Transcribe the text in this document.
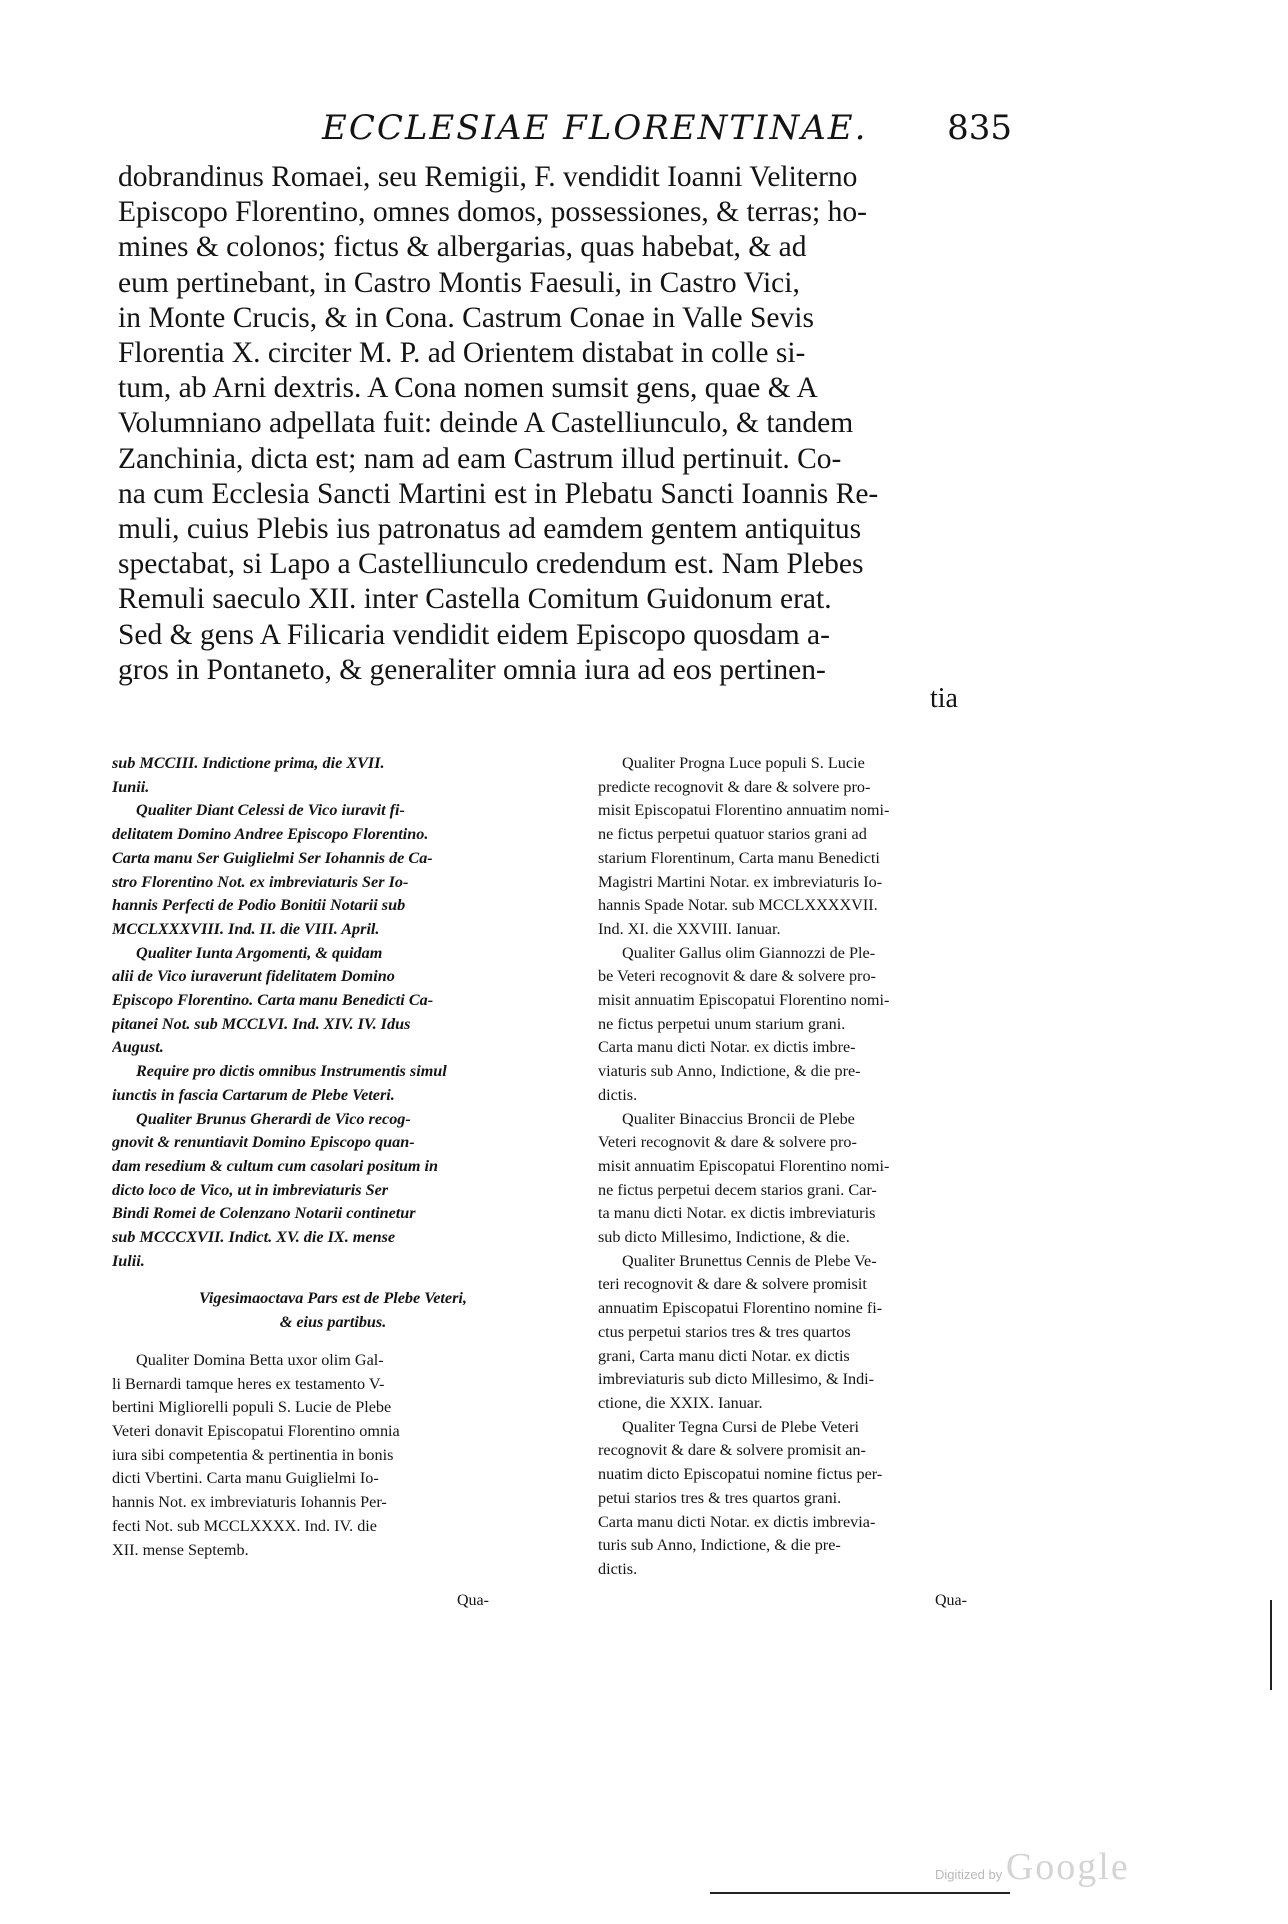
ECCLESIAE FLORENTINAE. 835
dobrandinus Romaei, seu Remigii, F. vendidit Ioanni Veliterno
Episcopo Florentino, omnes domos, possessiones, & terras; ho-
mines & colonos; fictus & albergarias, quas habebat, & ad
eum pertinebant, in Castro Montis Faesuli, in Castro Vici,
in Monte Crucis, & in Cona. Castrum Conae in Valle Sevis
Florentia X. circiter M. P. ad Orientem distabat in colle si-
tum, ab Arni dextris. A Cona nomen sumsit gens, quae & A
Volumniano adpellata fuit: deinde A Castelliunculo, & tandem
Zanchinia, dicta est; nam ad eam Castrum illud pertinuit. Co-
na cum Ecclesia Sancti Martini est in Plebatu Sancti Ioannis Re-
muli, cuius Plebis ius patronatus ad eamdem gentem antiquitus
spectabat, si Lapo a Castelliunculo credendum est. Nam Plebes
Remuli saeculo XII. inter Castella Comitum Guidonum erat.
Sed & gens A Filicaria vendidit eidem Episcopo quosdam a-
gros in Pontaneto, & generaliter omnia iura ad eos pertinen-
tia
sub MCCIII. Indictione prima, die XVII.
Iunii.
Qualiter Diant Celessi de Vico iuravit fi-
delitatem Domino Andree Episcopo Florentino.
Carta manu Ser Guiglielmi Ser Iohannis de Ca-
stro Florentino Not. ex imbreviaturis Ser Io-
hannis Perfecti de Podio Bonitii Notarii sub
MCCLXXXVIII. Ind. II. die VIII. April.
Qualiter Iunta Argomenti, & quidam
alii de Vico iuraverunt fidelitatem Domino
Episcopo Florentino. Carta manu Benedicti Ca-
pitanei Not. sub MCCLVI. Ind. XIV. IV. Idus
August.
Require pro dictis omnibus Instrumentis simul
iunctis in fascia Cartarum de Plebe Veteri.
Qualiter Brunus Gherardi de Vico recog-
gnovit & renuntiavit Domino Episcopo quan-
dam resedium & cultum cum casolari positum in
dicto loco de Vico, ut in imbreviaturis Ser
Bindi Romei de Colenzano Notarii continetur
sub MCCCXVII. Indict. XV. die IX. mense
Iulii.
Vigesimaoctava Pars est de Plebe Veteri,
& eius partibus.
Qualiter Domina Betta uxor olim Gal-
li Bernardi tamque heres ex testamento V-
bertini Migliorelli populi S. Lucie de Plebe
Veteri donavit Episcopatui Florentino omnia
iura sibi competentia & pertinentia in bonis
dicti Vbertini. Carta manu Guiglielmi Io-
hannis Not. ex imbreviaturis Iohannis Per-
fecti Not. sub MCCLXXXX. Ind. IV. die
XII. mense Septemb.
Qua-
Qualiter Progna Luce populi S. Lucie
predicte recognovit & dare & solvere pro-
misit Episcopatui Florentino annuatim nomi-
ne fictus perpetui quatuor starios grani ad
starium Florentinum, Carta manu Benedicti
Magistri Martini Notar. ex imbreviaturis Io-
hannis Spade Notar. sub MCCLXXXXVII.
Ind. XI. die XXVIII. Ianuar.
Qualiter Gallus olim Giannozzi de Ple-
be Veteri recognovit & dare & solvere pro-
misit annuatim Episcopatui Florentino nomi-
ne fictus perpetui unum starium grani.
Carta manu dicti Notar. ex dictis imbre-
viaturis sub Anno, Indictione, & die pre-
dictis.
Qualiter Binaccius Broncii de Plebe
Veteri recognovit & dare & solvere pro-
misit annuatim Episcopatui Florentino nomi-
ne fictus perpetui decem starios grani. Car-
ta manu dicti Notar. ex dictis imbreviaturis
sub dicto Millesimo, Indictione, & die.
Qualiter Brunettus Cennis de Plebe Ve-
teri recognovit & dare & solvere promisit
annuatim Episcopatui Florentino nomine fi-
ctus perpetui starios tres & tres quartos
grani, Carta manu dicti Notar. ex dictis
imbreviaturis sub dicto Millesimo, & Indi-
ctione, die XXIX. Ianuar.
Qualiter Tegna Cursi de Plebe Veteri
recognovit & dare & solvere promisit an-
nuatim dicto Episcopatui nomine fictus per-
petui starios tres & tres quartos grani.
Carta manu dicti Notar. ex dictis imbrevia-
turis sub Anno, Indictione, & die pre-
dictis.
Qua-
Digitized by Google
